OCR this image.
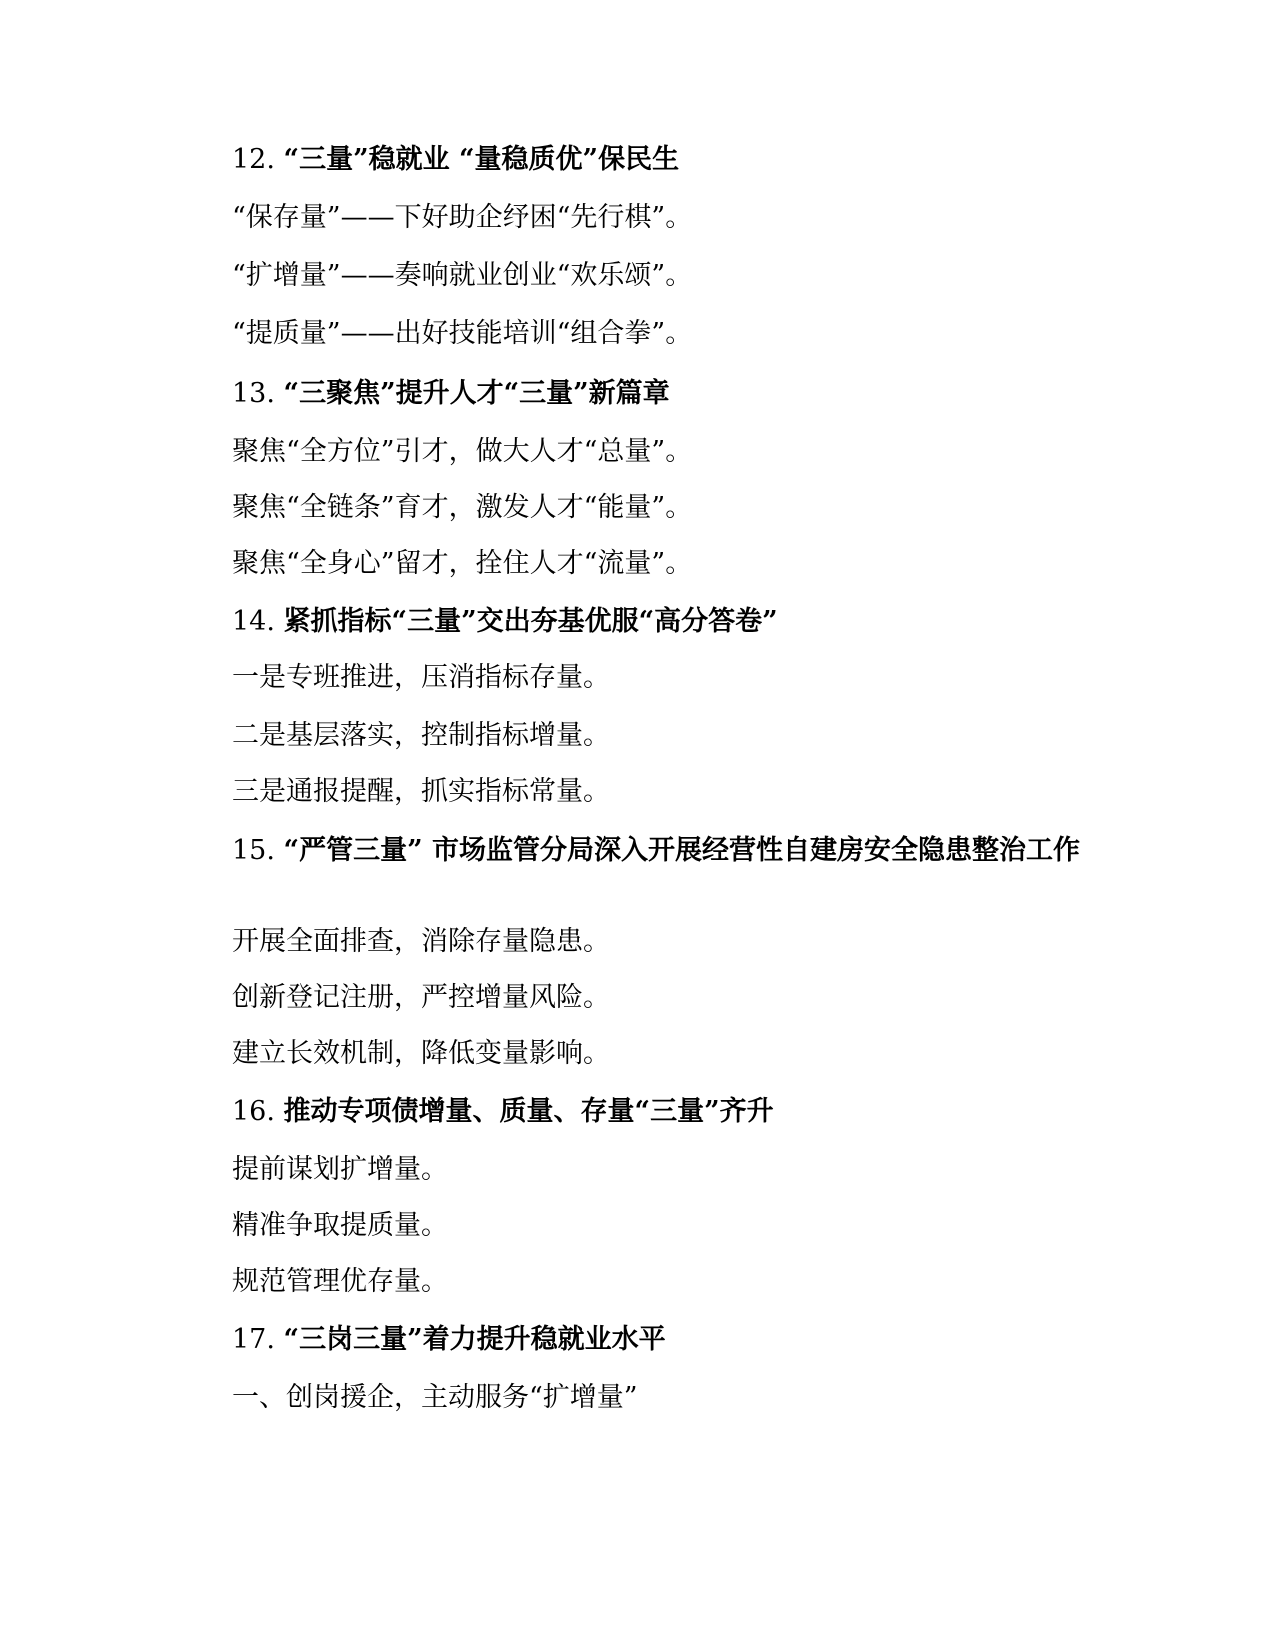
12. “三量”稳就业 “量稳质优”保民生
“保存量”——下好助企纾困“先行棋”。
“扩增量”——奏响就业创业“欢乐颂”。
“提质量”——出好技能培训“组合拳”。
13. “三聚焦”提升人才“三量”新篇章
聚焦“全方位”引才，做大人才“总量”。
聚焦“全链条”育才，激发人才“能量”。
聚焦“全身心”留才，拴住人才“流量”。
14. 紧抓指标“三量”交出夯基优服“高分答卷”
一是专班推进，压消指标存量。
二是基层落实，控制指标增量。
三是通报提醒，抓实指标常量。
15. “严管三量” 市场监管分局深入开展经营性自建房安全隐患整治工作
开展全面排查，消除存量隐患。
创新登记注册，严控增量风险。
建立长效机制，降低变量影响。
16. 推动专项债增量、质量、存量“三量”齐升
提前谋划扩增量。
精准争取提质量。
规范管理优存量。
17. “三岗三量”着力提升稳就业水平
一、创岗援企，主动服务“扩增量”
